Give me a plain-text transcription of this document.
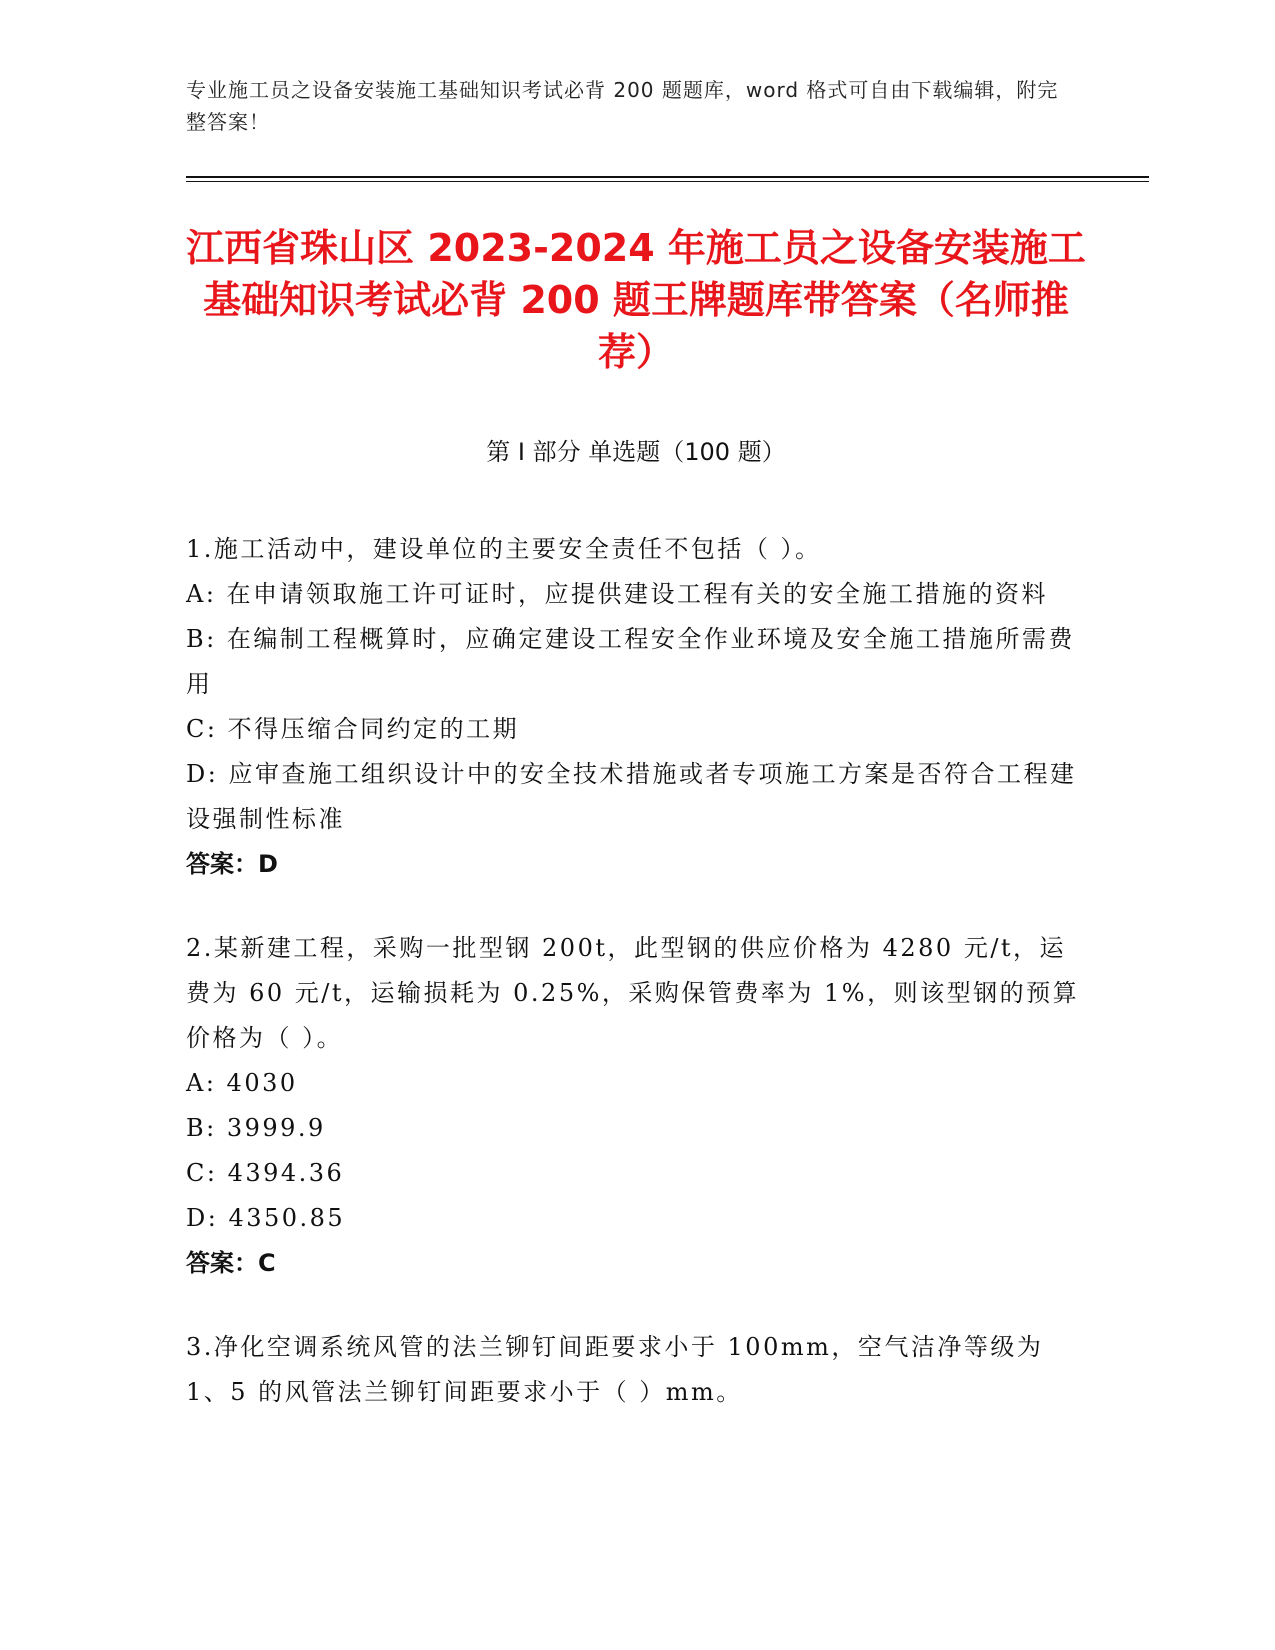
专业施工员之设备安装施工基础知识考试必背 200 题题库，word 格式可自由下载编辑，附完整答案！
江西省珠山区 2023-2024 年施工员之设备安装施工基础知识考试必背 200 题王牌题库带答案（名师推荐）
第 I 部分 单选题（100 题）

1.施工活动中，建设单位的主要安全责任不包括（ ）。

A: 在申请领取施工许可证时，应提供建设工程有关的安全施工措施的资料

B: 在编制工程概算时，应确定建设工程安全作业环境及安全施工措施所需费用

C: 不得压缩合同约定的工期

D: 应审查施工组织设计中的安全技术措施或者专项施工方案是否符合工程建设强制性标准

答案：D

2.某新建工程，采购一批型钢 200t，此型钢的供应价格为 4280 元/t，运费为 60 元/t，运输损耗为 0.25%，采购保管费率为 1%，则该型钢的预算价格为（ ）。

A: 4030

B: 3999.9

C: 4394.36

D: 4350.85

答案：C

3.净化空调系统风管的法兰铆钉间距要求小于 100mm，空气洁净等级为 1、5 的风管法兰铆钉间距要求小于（ ）mm。
